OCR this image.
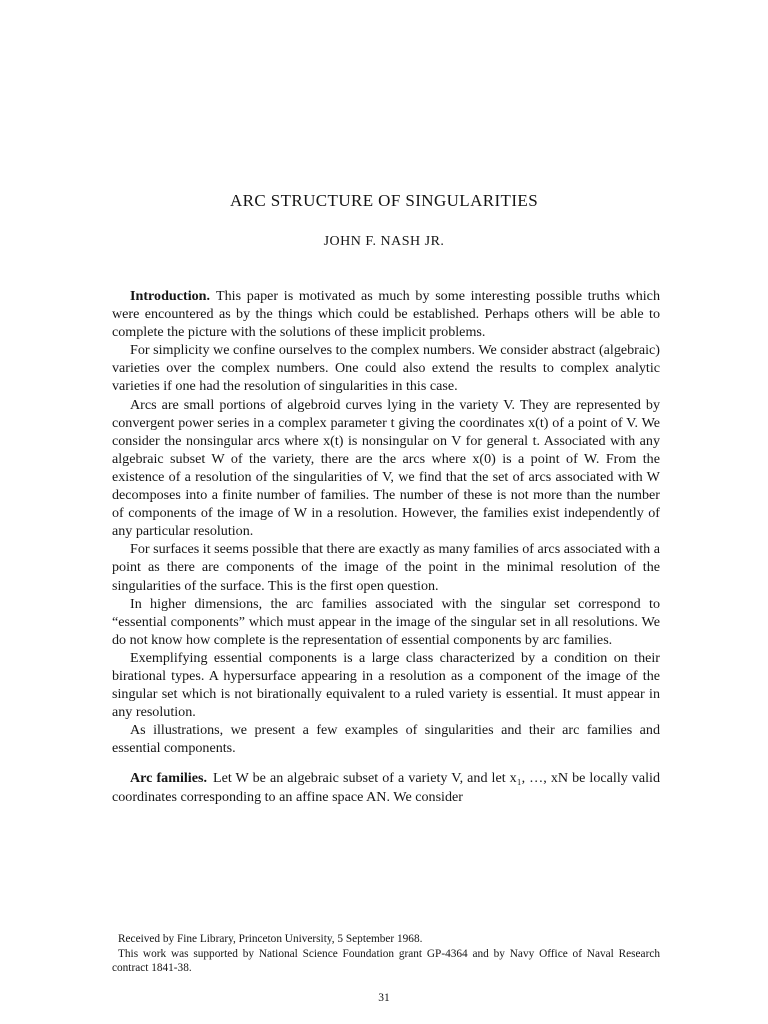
ARC STRUCTURE OF SINGULARITIES
JOHN F. NASH JR.

Introduction. This paper is motivated as much by some interesting possible truths which were encountered as by the things which could be established. Perhaps others will be able to complete the picture with the solutions of these implicit problems.

For simplicity we confine ourselves to the complex numbers. We consider abstract (algebraic) varieties over the complex numbers. One could also extend the results to complex analytic varieties if one had the resolution of singularities in this case.

Arcs are small portions of algebroid curves lying in the variety V. They are represented by convergent power series in a complex parameter t giving the coordinates x(t) of a point of V. We consider the nonsingular arcs where x(t) is nonsingular on V for general t. Associated with any algebraic subset W of the variety, there are the arcs where x(0) is a point of W. From the existence of a resolution of the singularities of V, we find that the set of arcs associated with W decomposes into a finite number of families. The number of these is not more than the number of components of the image of W in a resolution. However, the families exist independently of any particular resolution.

For surfaces it seems possible that there are exactly as many families of arcs associated with a point as there are components of the image of the point in the minimal resolution of the singularities of the surface. This is the first open question.

In higher dimensions, the arc families associated with the singular set correspond to “essential components” which must appear in the image of the singular set in all resolutions. We do not know how complete is the representation of essential components by arc families.

Exemplifying essential components is a large class characterized by a condition on their birational types. A hypersurface appearing in a resolution as a component of the image of the singular set which is not birationally equivalent to a ruled variety is essential. It must appear in any resolution.

As illustrations, we present a few examples of singularities and their arc families and essential components.

Arc families. Let W be an algebraic subset of a variety V, and let x₁, …, xN be locally valid coordinates corresponding to an affine space AN. We consider

Received by Fine Library, Princeton University, 5 September 1968.

This work was supported by National Science Foundation grant GP-4364 and by Navy Office of Naval Research contract 1841-38.

31
